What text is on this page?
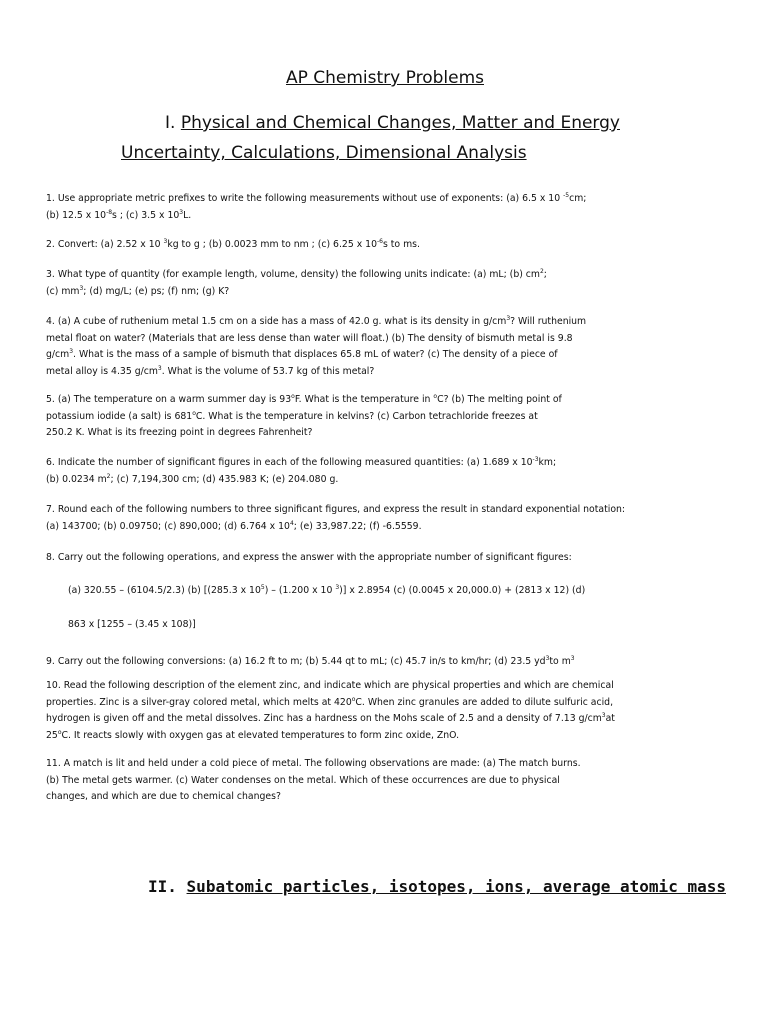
AP Chemistry Problems
I. Physical and Chemical Changes, Matter and Energy
Uncertainty, Calculations, Dimensional Analysis

1. Use appropriate metric prefixes to write the following measurements without use of exponents: (a) 6.5 x 10 $^{-5}$cm;

(b) 12.5 x $10^{-8}s$ ; (c) 3.5 x $10^3L$.

2. Convert: (a) 2.52 x 10 $^3$kg to g ; (b) 0.0023 mm to nm ; (c) 6.25 x $10^{-6}s$ to ms.

3. What type of quantity (for example length, volume, density) the following units indicate: (a) mL; (b) $cm^2$;

(c) $mm^3$; (d) mg/L; (e) ps; (f) nm; (g) K?

4. (a) A cube of ruthenium metal 1.5 cm on a side has a mass of 42.0 g. what is its density in $g/cm^3$? Will ruthenium

metal float on water? (Materials that are less dense than water will float.) (b) The density of bismuth metal is 9.8

$g/cm^3$. What is the mass of a sample of bismuth that displaces 65.8 mL of water? (c) The density of a piece of

metal alloy is 4.35 $g/cm^3$. What is the volume of 53.7 kg of this metal?

5. (a) The temperature on a warm summer day is 93$^o$F. What is the temperature in $^o$C? (b) The melting point of

potassium iodide (a salt) is 681$^o$C. What is the temperature in kelvins? (c) Carbon tetrachloride freezes at

250.2 K. What is its freezing point in degrees Fahrenheit?

6. Indicate the number of significant figures in each of the following measured quantities: (a) 1.689 x $10^{-3}km$;

(b) 0.0234 $m^2$; (c) 7,194,300 cm; (d) 435.983 K; (e) 204.080 g.

7. Round each of the following numbers to three significant figures, and express the result in standard exponential notation:

(a) 143700; (b) 0.09750; (c) 890,000; (d) 6.764 x $10^4$; (e) 33,987.22; (f) -6.5559.

8. Carry out the following operations, and express the answer with the appropriate number of significant figures:

(a) 320.55 – (6104.5/2.3) (b) [(285.3 x $10^5) - (1.200$ x 10 $^3$)] x 2.8954 (c) (0.0045 x 20,000.0) + (2813 x 12) (d)

863 x [1255 – (3.45 x 108)]

9. Carry out the following conversions: (a) 16.2 ft to m; (b) 5.44 qt to mL; (c) 45.7 in/s to km/hr; (d) 23.5 $yd^3to$ $m^3$

10. Read the following description of the element zinc, and indicate which are physical properties and which are chemical

properties. Zinc is a silver-gray colored metal, which melts at 420$^o$C. When zinc granules are added to dilute sulfuric acid,

hydrogen is given off and the metal dissolves. Zinc has a hardness on the Mohs scale of 2.5 and a density of 7.13 $g/cm^3at$

25$^o$C. It reacts slowly with oxygen gas at elevated temperatures to form zinc oxide, ZnO.

11. A match is lit and held under a cold piece of metal. The following observations are made: (a) The match burns.

(b) The metal gets warmer. (c) Water condenses on the metal. Which of these occurrences are due to physical

changes, and which are due to chemical changes?

II. Subatomic particles, isotopes, ions, average atomic mass
